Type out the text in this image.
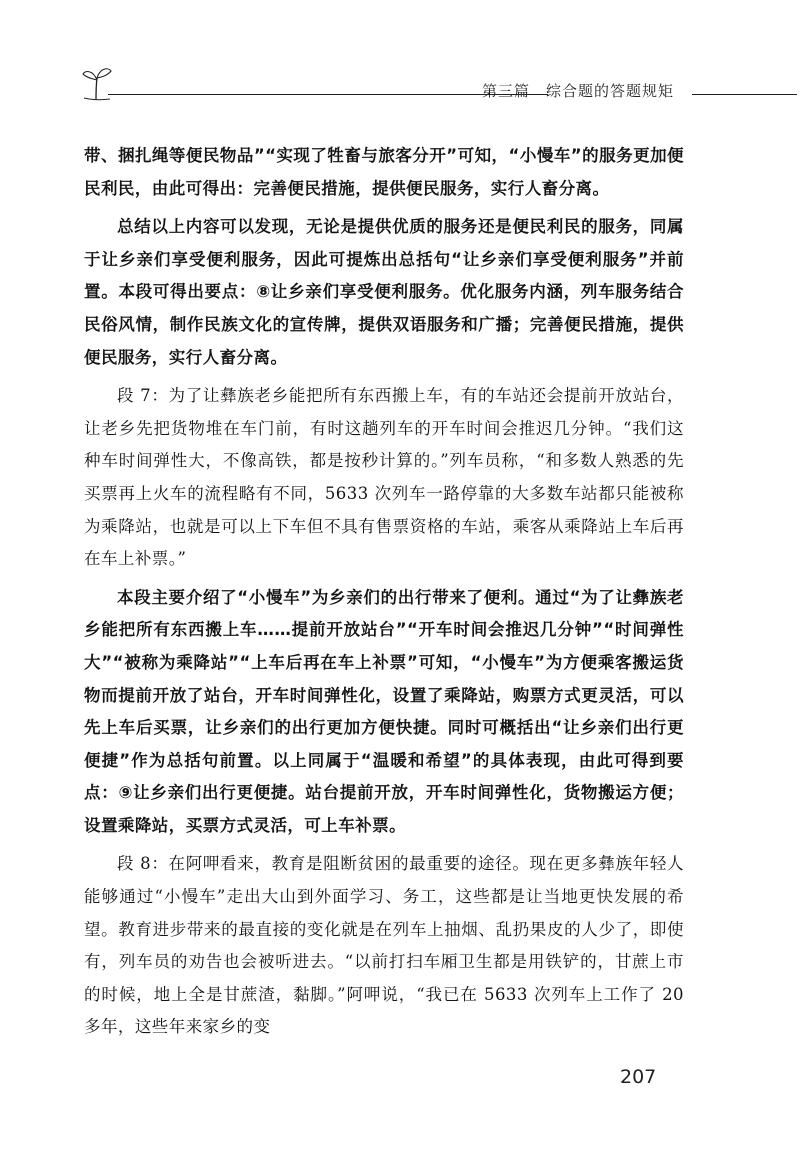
第三篇　综合题的答题规矩

带、捆扎绳等便民物品”“实现了牲畜与旅客分开”可知，“小慢车”的服务更加便民利民，由此可得出：完善便民措施，提供便民服务，实行人畜分离。

总结以上内容可以发现，无论是提供优质的服务还是便民利民的服务，同属于让乡亲们享受便利服务，因此可提炼出总括句“让乡亲们享受便利服务”并前置。本段可得出要点：⑧让乡亲们享受便利服务。优化服务内涵，列车服务结合民俗风情，制作民族文化的宣传牌，提供双语服务和广播；完善便民措施，提供便民服务，实行人畜分离。

段 7：为了让彝族老乡能把所有东西搬上车，有的车站还会提前开放站台，让老乡先把货物堆在车门前，有时这趟列车的开车时间会推迟几分钟。“我们这种车时间弹性大，不像高铁，都是按秒计算的。”列车员称，“和多数人熟悉的先买票再上火车的流程略有不同，5633 次列车一路停靠的大多数车站都只能被称为乘降站，也就是可以上下车但不具有售票资格的车站，乘客从乘降站上车后再在车上补票。”

本段主要介绍了“小慢车”为乡亲们的出行带来了便利。通过“为了让彝族老乡能把所有东西搬上车……提前开放站台”“开车时间会推迟几分钟”“时间弹性大”“被称为乘降站”“上车后再在车上补票”可知，“小慢车”为方便乘客搬运货物而提前开放了站台，开车时间弹性化，设置了乘降站，购票方式更灵活，可以先上车后买票，让乡亲们的出行更加方便快捷。同时可概括出“让乡亲们出行更便捷”作为总括句前置。以上同属于“温暖和希望”的具体表现，由此可得到要点：⑨让乡亲们出行更便捷。站台提前开放，开车时间弹性化，货物搬运方便；设置乘降站，买票方式灵活，可上车补票。

段 8：在阿呷看来，教育是阻断贫困的最重要的途径。现在更多彝族年轻人能够通过“小慢车”走出大山到外面学习、务工，这些都是让当地更快发展的希望。教育进步带来的最直接的变化就是在列车上抽烟、乱扔果皮的人少了，即使有，列车员的劝告也会被听进去。“以前打扫车厢卫生都是用铁铲的，甘蔗上市的时候，地上全是甘蔗渣，黏脚。”阿呷说，“我已在 5633 次列车上工作了 20 多年，这些年来家乡的变

207
